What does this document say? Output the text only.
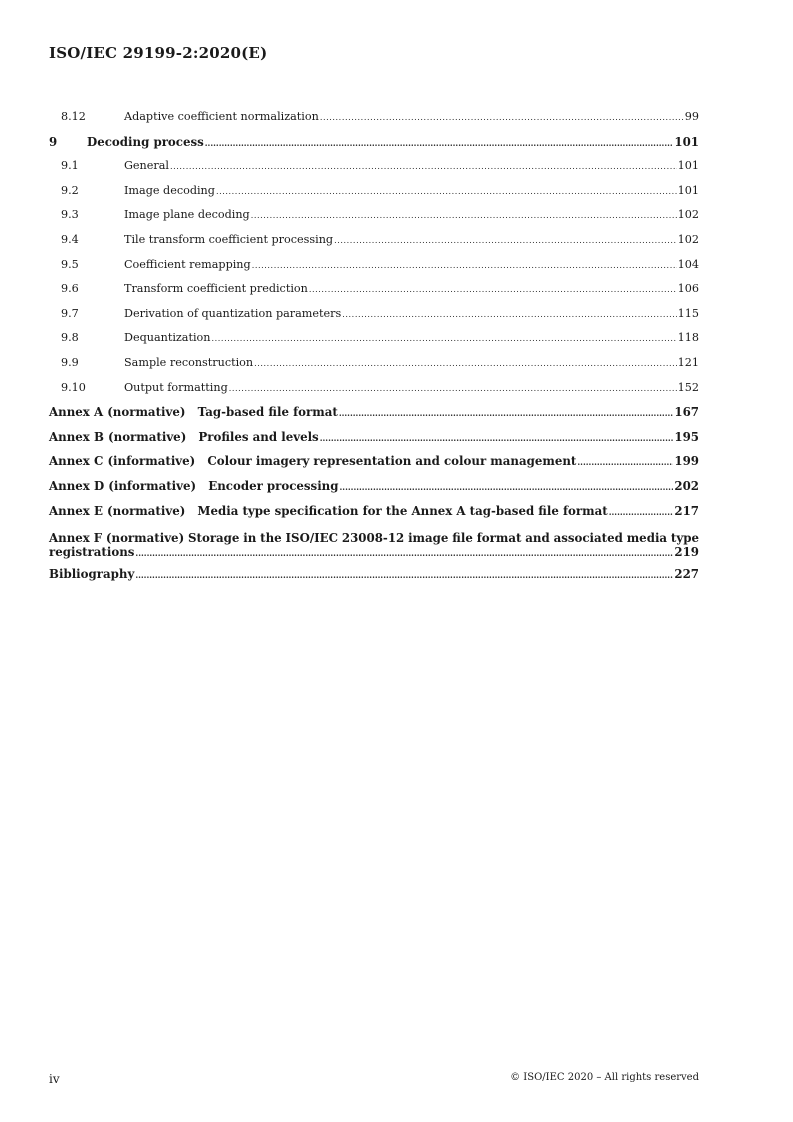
ISO/IEC 29199-2:2020(E)
8.12	Adaptive coefficient normalization .....	99
9	Decoding process .....	101
9.1	General .....	101
9.2	Image decoding .....	101
9.3	Image plane decoding .....	102
9.4	Tile transform coefficient processing .....	102
9.5	Coefficient remapping .....	104
9.6	Transform coefficient prediction .....	106
9.7	Derivation of quantization parameters .....	115
9.8	Dequantization .....	118
9.9	Sample reconstruction .....	121
9.10	Output formatting .....	152
Annex A (normative) Tag-based file format .....	167
Annex B (normative) Profiles and levels .....	195
Annex C (informative) Colour imagery representation and colour management .....	199
Annex D (informative) Encoder processing .....	202
Annex E (normative) Media type specification for the Annex A tag-based file format .....	217
Annex F (normative) Storage in the ISO/IEC 23008-12 image file format and associated media type
registrations .....	219
Bibliography .....	227
iv	© ISO/IEC 2020 – All rights reserved
